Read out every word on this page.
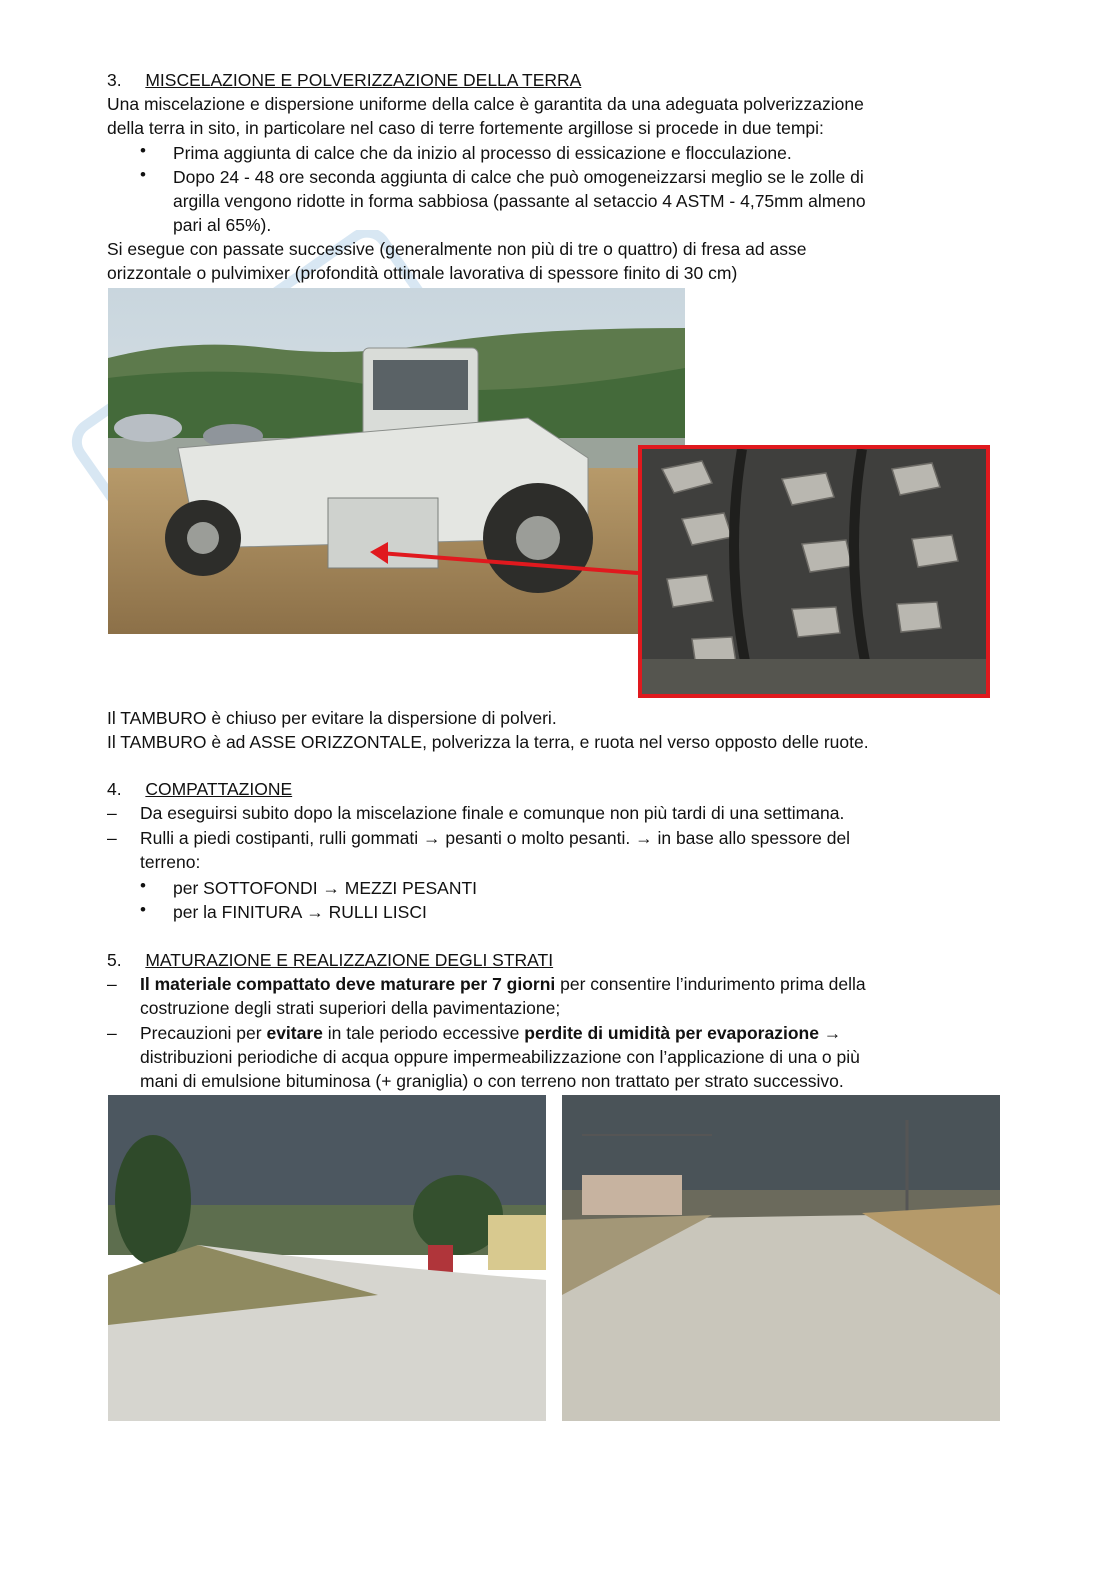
3. MISCELAZIONE E POLVERIZZAZIONE DELLA TERRA
Una miscelazione e dispersione uniforme della calce è garantita da una adeguata polverizzazione
della terra in sito, in particolare nel caso di terre fortemente argillose si procede in due tempi:
• Prima aggiunta di calce che da inizio al processo di essicazione e flocculazione.
• Dopo 24 - 48 ore seconda aggiunta di calce che può omogeneizzarsi meglio se le zolle di
argilla vengono ridotte in forma sabbiosa (passante al setaccio 4 ASTM - 4,75mm almeno
pari al 65%).
Si esegue con passate successive (generalmente non più di tre o quattro) di fresa ad asse
orizzontale o pulvimixer (profondità ottimale lavorativa di spessore finito di 30 cm)
Il TAMBURO è chiuso per evitare la dispersione di polveri.
Il TAMBURO è ad ASSE ORIZZONTALE, polverizza la terra, e ruota nel verso opposto delle ruote.
4. COMPATTAZIONE
– Da eseguirsi subito dopo la miscelazione finale e comunque non più tardi di una settimana.
– Rulli a piedi costipanti, rulli gommati → pesanti o molto pesanti. → in base allo spessore del
terreno:
• per SOTTOFONDI → MEZZI PESANTI
• per la FINITURA → RULLI LISCI
5. MATURAZIONE E REALIZZAZIONE DEGLI STRATI
– Il materiale compattato deve maturare per 7 giorni per consentire l’indurimento prima della
costruzione degli strati superiori della pavimentazione;
– Precauzioni per evitare in tale periodo eccessive perdite di umidità per evaporazione →
distribuzioni periodiche di acqua oppure impermeabilizzazione con l’applicazione di una o più
mani di emulsione bituminosa (+ graniglia) o con terreno non trattato per strato successivo.
